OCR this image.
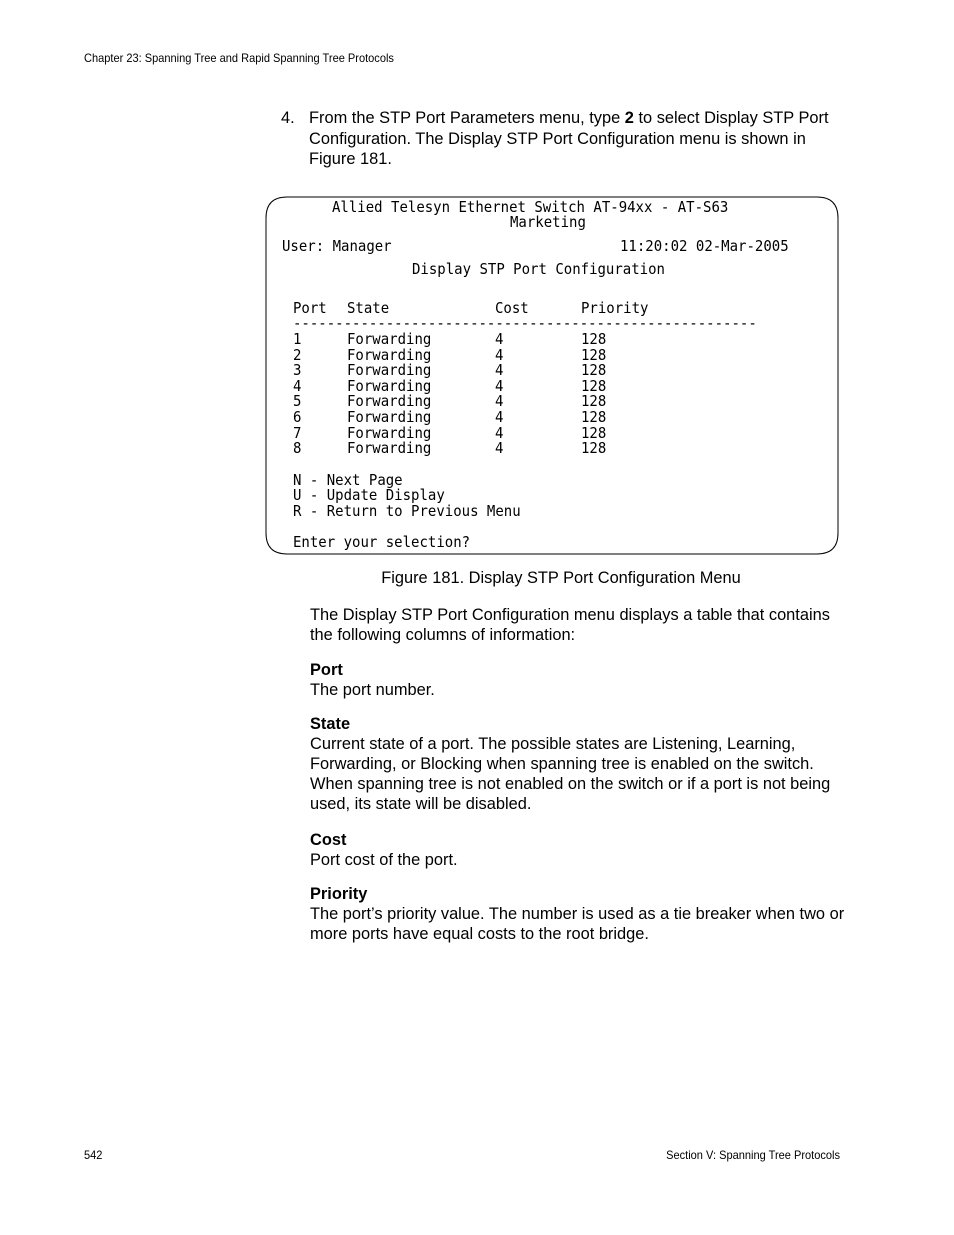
Chapter 23: Spanning Tree and Rapid Spanning Tree Protocols
4. From the STP Port Parameters menu, type 2 to select Display STP Port Configuration. The Display STP Port Configuration menu is shown in Figure 181.
Allied Telesyn Ethernet Switch AT-94xx - AT-S63
Marketing
User: Manager	11:20:02 02-Mar-2005
Display STP Port Configuration
Port State	Cost	Priority
-------------------------------------------------------
1	Forwarding	4	128
2	Forwarding	4	128
3	Forwarding	4	128
4	Forwarding	4	128
5	Forwarding	4	128
6	Forwarding	4	128
7	Forwarding	4	128
8	Forwarding	4	128
N - Next Page
U - Update Display
R - Return to Previous Menu
Enter your selection?
Figure 181. Display STP Port Configuration Menu
The Display STP Port Configuration menu displays a table that contains the following columns of information:
Port
The port number.
State
Current state of a port. The possible states are Listening, Learning, Forwarding, or Blocking when spanning tree is enabled on the switch. When spanning tree is not enabled on the switch or if a port is not being used, its state will be disabled.
Cost
Port cost of the port.
Priority
The port’s priority value. The number is used as a tie breaker when two or more ports have equal costs to the root bridge.
542	Section V: Spanning Tree Protocols
